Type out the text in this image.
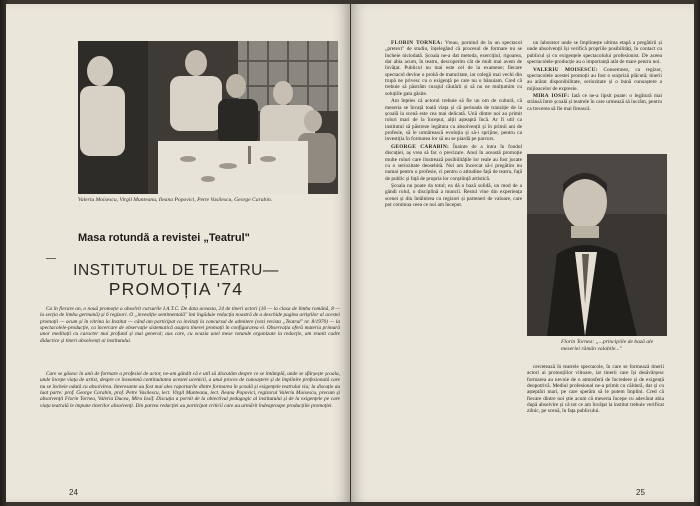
Valeriu Moisescu, Virgil Munteanu, Ileana Popovici, Petre Vasilescu, George Carabin.
Masa rotundă a revistei „Teatrul"
INSTITUTUL DE TEATRU—
PROMOȚIA '74

Ca în fiecare an, o nouă promoție a absolvit cursurile I.A.T.C. De data aceasta, 24 de tineri actori (16 — la clasa de limba română, 8 — la secția de limba germană) și 6 regizori. O „investiție sentimentală" îmi îngăduie redacția noastră de a deschide pagina artiștilor al acestei promoții — acum și în vitrina la Institut — când am participat ca invitați la concursul de admitere (vezi revista „Teatrul" nr. 8/1970) — la spectacolele-producție, ca încercare de observație sistematică asupra tinerei promoții în configurarea ei. Observația oferă materia primară unor meditații cu caracter mai profund și mai general; aus care, cu ocazia unei mese rotunde organizate la redacție, am reunit cadre didactice și tineri absolvenți ai institutului.

Care se găsesc în anii de formare a profesiei de actor, ne-am gândit că e util să discutăm despre ce se întâmplă, unde se sfârșește școala, unde începe viața de artist, despre ce înseamnă continuitatea acestei ucenicii, a unui proces de cunoaștere și de împlinire profesională care nu se încheie odată cu absolvirea. Interesante au fost mai ales raporturile dintre formarea în școală și exigențele teatrului viu; la discuție au luat parte: prof. George Carabin, prof. Petre Vasilescu, lect. Virgil Munteanu, lect. Ileana Popovici, regizorul Valeriu Moisescu, precum și absolvenții Florin Tornea, Valeria Ducea, Mira Iosif. Discuția a pornit de la obiectivul pedagogic al institutului și de la exigențele pe care viața teatrală le impune tinerilor absolvenți. Din partea redacției au participat criticii care au urmărit îndeaproape producțiile promoției.

24

FLORIN TORNEA: Vreau, pornind de la un spectacol „pretext" de studiu, înțelegând că procesul de formare nu se încheie niciodată. Școala ne-a dat metoda, exercițiul, rigoarea, dar abia acum, în teatru, descoperim cât de mult mai avem de învățat. Publicul nu mai este cel de la examene; fiecare spectacol devine o probă de maturitate, iar colegii mai vechi din trupă ne privesc cu o exigență pe care nu o bănuiam. Cred că trebuie să păstrăm curajul căutării și să nu ne mulțumim cu soluțiile gata găsite.

Am înțeles că actorul trebuie să fie un om de cultură, că meseria se învață toată viața și că perioada de tranziție de la școală la scenă este cea mai delicată. Unii dintre noi au primit roluri mari de la început, alții așteaptă încă. Ar fi util ca institutul să păstreze legătura cu absolvenții și în primii ani de profesie, să le urmărească evoluția și să-i sprijine, pentru ca investiția în formarea lor să nu se piardă pe parcurs.

GEORGE CARABIN: Înainte de a intra în fondul discuției, aș vrea să fac o precizare. Anul în această promoție multe roluri care ilustrează posibilitățile lor reale au fost jucate cu o seriozitate deosebită. Noi am încercat să-i pregătim nu numai pentru o profesie, ci pentru o atitudine față de teatru, față de public și față de propria lor conștiință artistică.

Școala nu poate da totul; ea dă o bază solidă, un mod de a gândi rolul, o disciplină a muncii. Restul vine din experiența scenei și din întâlnirea cu regizori și parteneri de valoare, care pot continua ceea ce noi am început.

un laborator unde se împlinește ultima etapă a pregătirii și unde absolvenții își verifică propriile posibilități, în contact cu publicul și cu exigențele spectacolului profesionist. De aceea spectacolele-producție au o importanță atât de mare pentru noi.

VALERIU MOISESCU: Consemnez, ca regizor, spectacolele acestei promoții au fost o surpriză plăcută; tinerii au arătat disponibilitate, seriozitate și o bună cunoaștere a mijloacelor de expresie.

MIRA IOSIF: Iată ce ne-a lipsit poate: o legătură mai strânsă între școală și teatrele în care urmează să lucrăm, pentru ca trecerea să fie mai firească.

Florin Tornea: „...principiile de bază ale meseriei rămân valabile..."

cercetează în teatrele spectacole, în care se formează tinerii actori ai promoțiilor viitoare, iar tinerii care își desăvârșesc formarea au nevoie de o atmosferă de încredere și de exigență deopotrivă. Mediul profesional ne-a primit cu căldură, dar și cu așteptări mari, pe care sperăm să le putem împlini. Cred că fiecare dintre noi știe acum că meseria începe cu adevărat abia după absolvire și că tot ce am învățat la institut trebuie verificat zilnic, pe scenă, în fața publicului.

25
